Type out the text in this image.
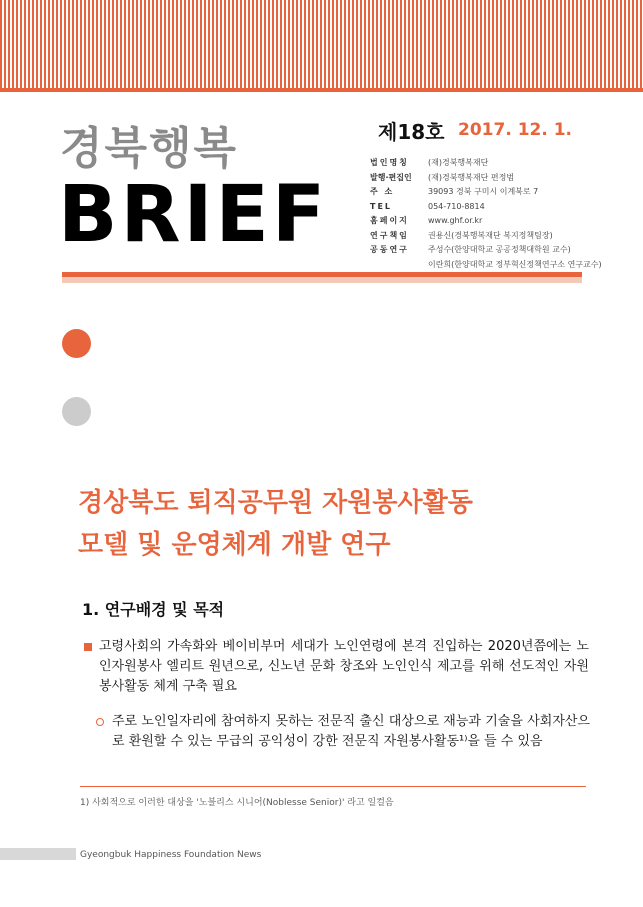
경북행복
BRIEF
제18호 2017. 12. 1.
법인명칭	(재)경북행복재단
발행·편집인	(재)경북행복재단 편정범
주 소	39093 경북 구미시 이계북로 7
TEL	054-710-8814
홈페이지	www.ghf.or.kr
연구책임	권용신(경북행복재단 복지정책팀장)
공동연구	주성수(한양대학교 공공정책대학원 교수)
이란희(한양대학교 정부혁신정책연구소 연구교수)
경상북도 퇴직공무원 자원봉사활동
모델 및 운영체계 개발 연구
1. 연구배경 및 목적
고령사회의 가속화와 베이비부머 세대가 노인연령에 본격 진입하는 2020년쯤에는 노인자원봉사 엘리트 원년으로, 신노년 문화 창조와 노인인식 제고를 위해 선도적인 자원봉사활동 체계 구축 필요
주로 노인일자리에 참여하지 못하는 전문직 출신 대상으로 재능과 기술을 사회자산으로 환원할 수 있는 무급의 공익성이 강한 전문직 자원봉사활동¹⁾을 들 수 있음
1) 사회적으로 이러한 대상을 '노블리스 시니어(Noblesse Senior)' 라고 일컬음
Gyeongbuk Happiness Foundation News
